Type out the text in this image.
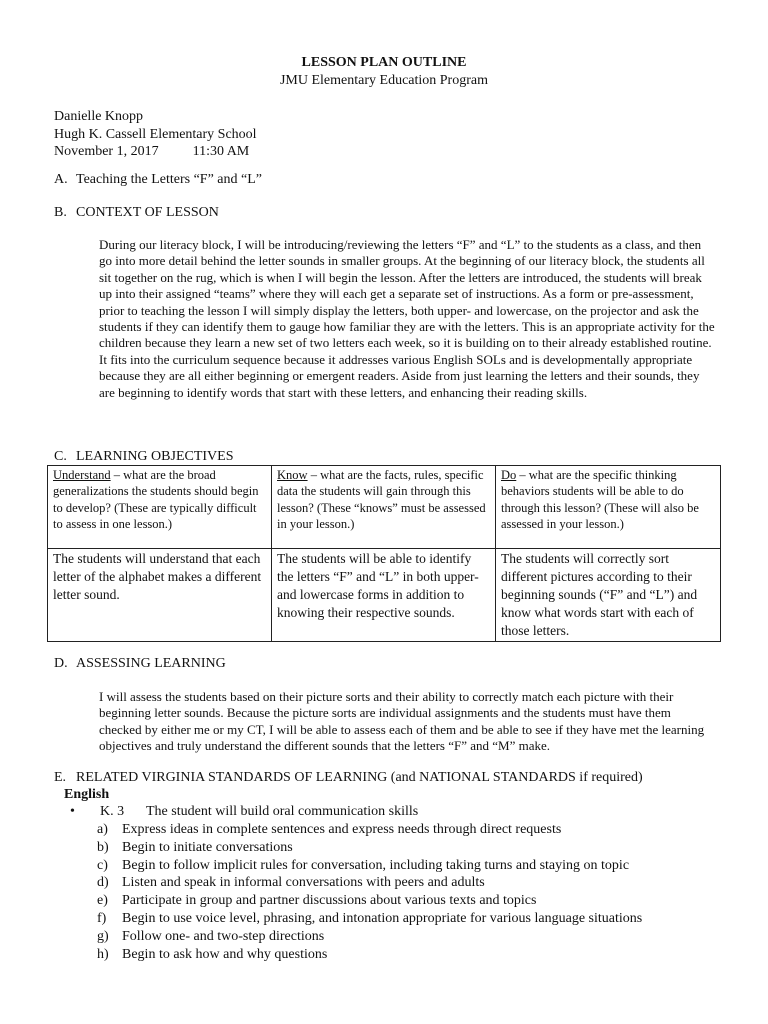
LESSON PLAN OUTLINE
JMU Elementary Education Program
Danielle Knopp
Hugh K. Cassell Elementary School
November 1, 2017 11:30 AM
A. Teaching the Letters “F” and “L”
B. CONTEXT OF LESSON

During our literacy block, I will be introducing/reviewing the letters “F” and “L” to the students as a class, and then go into more detail behind the letter sounds in smaller groups. At the beginning of our literacy block, the students all sit together on the rug, which is when I will begin the lesson. After the letters are introduced, the students will break up into their assigned “teams” where they will each get a separate set of instructions. As a form or pre-assessment, prior to teaching the lesson I will simply display the letters, both upper- and lowercase, on the projector and ask the students if they can identify them to gauge how familiar they are with the letters. This is an appropriate activity for the children because they learn a new set of two letters each week, so it is building on to their already established routine. It fits into the curriculum sequence because it addresses various English SOLs and is developmentally appropriate because they are all either beginning or emergent readers. Aside from just learning the letters and their sounds, they are beginning to identify words that start with these letters, and enhancing their reading skills.

C. LEARNING OBJECTIVES
Understand – what are the broad generalizations the students should begin to develop? (These are typically difficult to assess in one lesson.)	Know – what are the facts, rules, specific data the students will gain through this lesson? (These “knows” must be assessed in your lesson.)	Do – what are the specific thinking behaviors students will be able to do through this lesson? (These will also be assessed in your lesson.)
The students will understand that each letter of the alphabet makes a different letter sound.	The students will be able to identify the letters “F” and “L” in both upper- and lowercase forms in addition to knowing their respective sounds.	The students will correctly sort different pictures according to their beginning sounds (“F” and “L”) and know what words start with each of those letters.
D. ASSESSING LEARNING

I will assess the students based on their picture sorts and their ability to correctly match each picture with their beginning letter sounds. Because the picture sorts are individual assignments and the students must have them checked by either me or my CT, I will be able to assess each of them and be able to see if they have met the learning objectives and truly understand the different sounds that the letters “F” and “M” make.

E. RELATED VIRGINIA STANDARDS OF LEARNING (and NATIONAL STANDARDS if required)
English
• K. 3 The student will build oral communication skills
a) Express ideas in complete sentences and express needs through direct requests
b) Begin to initiate conversations
c) Begin to follow implicit rules for conversation, including taking turns and staying on topic
d) Listen and speak in informal conversations with peers and adults
e) Participate in group and partner discussions about various texts and topics
f) Begin to use voice level, phrasing, and intonation appropriate for various language situations
g) Follow one- and two-step directions
h) Begin to ask how and why questions
